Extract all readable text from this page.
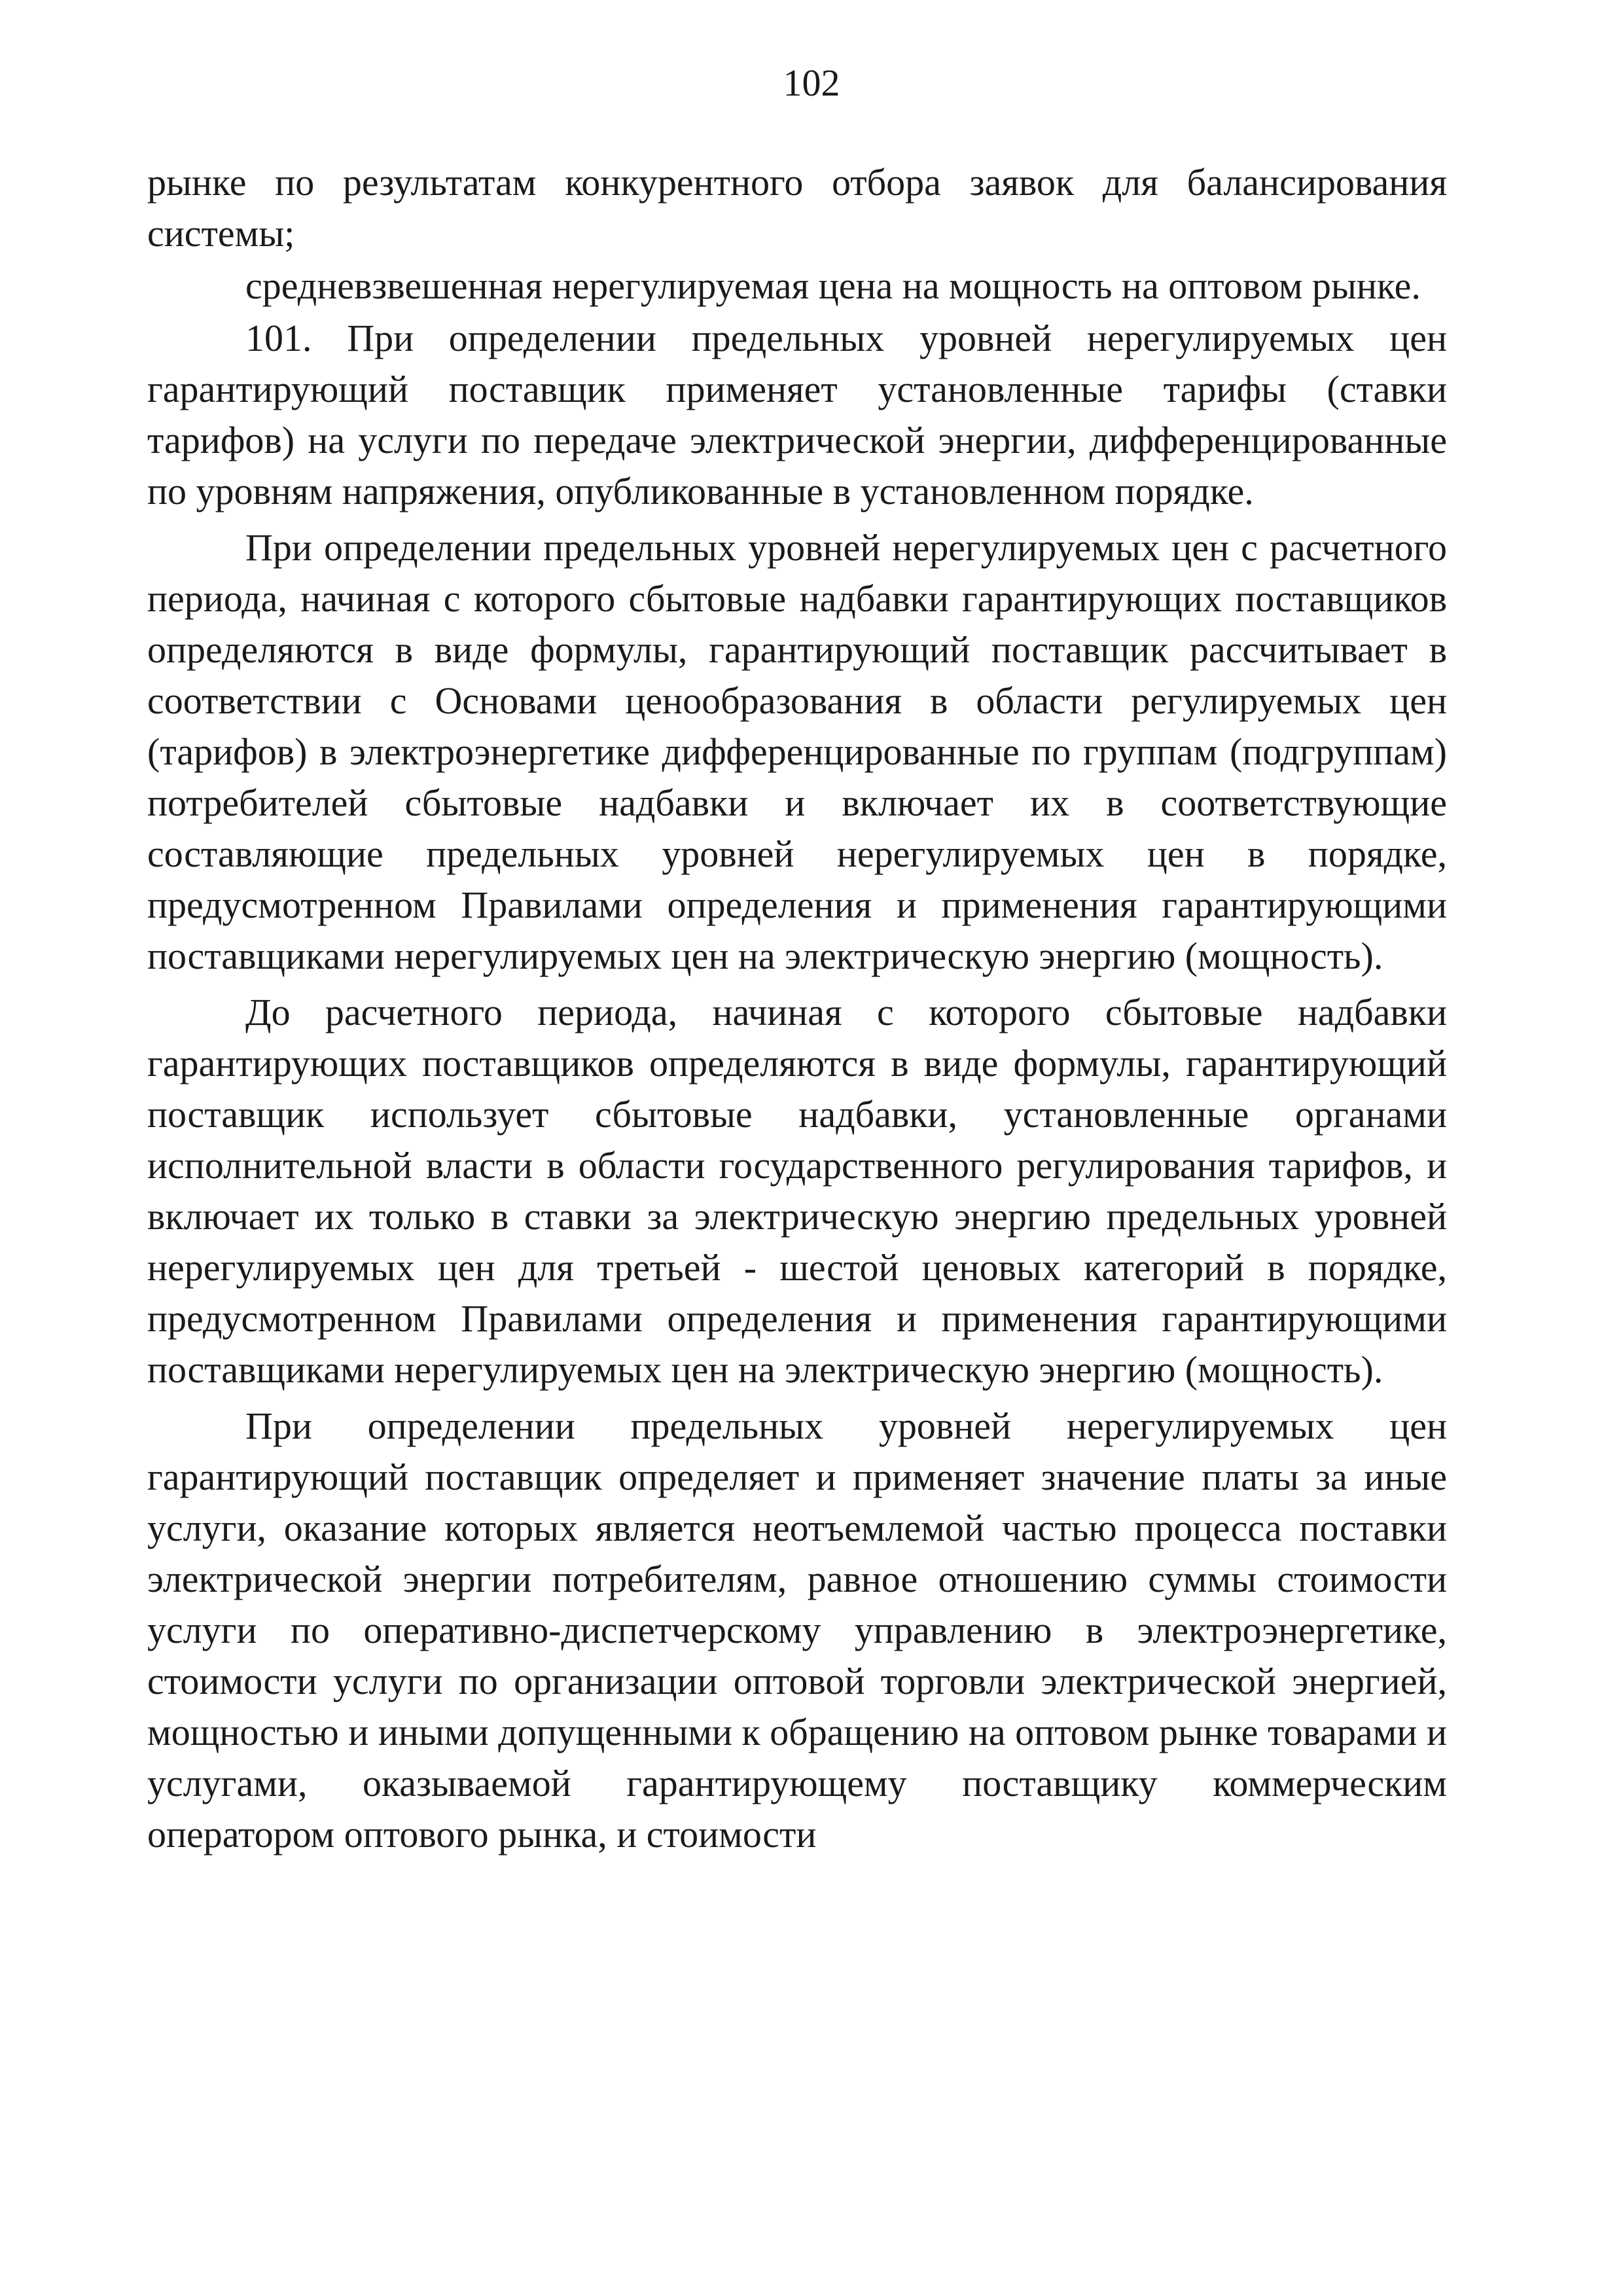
102

рынке по результатам конкурентного отбора заявок для балансирования системы;

средневзвешенная нерегулируемая цена на мощность на оптовом рынке.

101. При определении предельных уровней нерегулируемых цен гарантирующий поставщик применяет установленные тарифы (ставки тарифов) на услуги по передаче электрической энергии, дифференцированные по уровням напряжения, опубликованные в установленном порядке.

При определении предельных уровней нерегулируемых цен с расчетного периода, начиная с которого сбытовые надбавки гарантирующих поставщиков определяются в виде формулы, гарантирующий поставщик рассчитывает в соответствии с Основами ценообразования в области регулируемых цен (тарифов) в электроэнергетике дифференцированные по группам (подгруппам) потребителей сбытовые надбавки и включает их в соответствующие составляющие предельных уровней нерегулируемых цен в порядке, предусмотренном Правилами определения и применения гарантирующими поставщиками нерегулируемых цен на электрическую энергию (мощность).

До расчетного периода, начиная с которого сбытовые надбавки гарантирующих поставщиков определяются в виде формулы, гарантирующий поставщик использует сбытовые надбавки, установленные органами исполнительной власти в области государственного регулирования тарифов, и включает их только в ставки за электрическую энергию предельных уровней нерегулируемых цен для третьей - шестой ценовых категорий в порядке, предусмотренном Правилами определения и применения гарантирующими поставщиками нерегулируемых цен на электрическую энергию (мощность).

При определении предельных уровней нерегулируемых цен гарантирующий поставщик определяет и применяет значение платы за иные услуги, оказание которых является неотъемлемой частью процесса поставки электрической энергии потребителям, равное отношению суммы стоимости услуги по оперативно-диспетчерскому управлению в электроэнергетике, стоимости услуги по организации оптовой торговли электрической энергией, мощностью и иными допущенными к обращению на оптовом рынке товарами и услугами, оказываемой гарантирующему поставщику коммерческим оператором оптового рынка, и стоимости
